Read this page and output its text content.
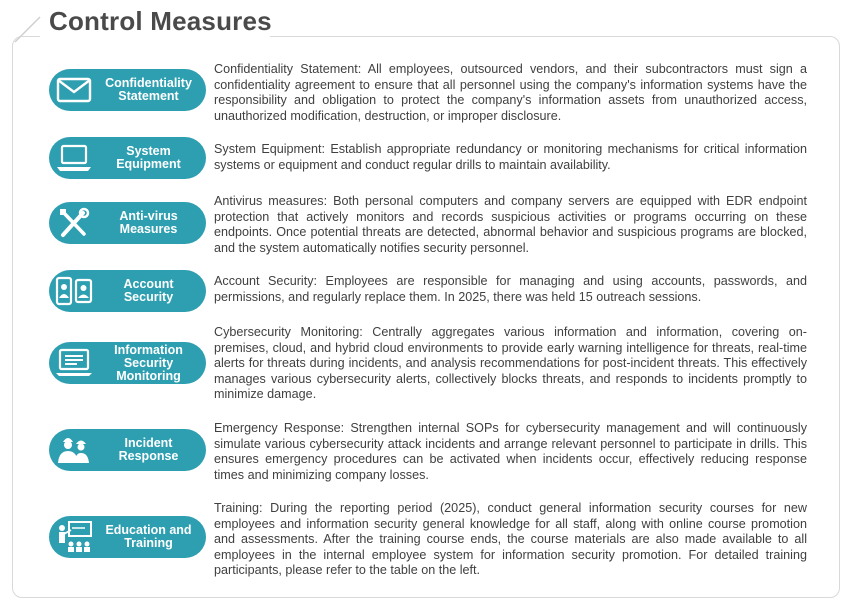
Control Measures
Confidentiality Statement

Confidentiality Statement: All employees, outsourced vendors, and their subcontractors must sign a confidentiality agreement to ensure that all personnel using the company's information systems have the responsibility and obligation to protect the company's information assets from unauthorized access, unauthorized modification, destruction, or improper disclosure.

System Equipment

System Equipment: Establish appropriate redundancy or monitoring mechanisms for critical information systems or equipment and conduct regular drills to maintain availability.

Anti-virus Measures

Antivirus measures: Both personal computers and company servers are equipped with EDR endpoint protection that actively monitors and records suspicious activities or programs occurring on these endpoints. Once potential threats are detected, abnormal behavior and suspicious programs are blocked, and the system automatically notifies security personnel.

Account Security

Account Security: Employees are responsible for managing and using accounts, passwords, and permissions, and regularly replace them. In 2025, there was held 15 outreach sessions.

Information Security Monitoring

Cybersecurity Monitoring: Centrally aggregates various information and information, covering on-premises, cloud, and hybrid cloud environments to provide early warning intelligence for threats, real-time alerts for threats during incidents, and analysis recommendations for post-incident threats. This effectively manages various cybersecurity alerts, collectively blocks threats, and responds to incidents promptly to minimize damage.

Incident Response

Emergency Response: Strengthen internal SOPs for cybersecurity management and will continuously simulate various cybersecurity attack incidents and arrange relevant personnel to participate in drills. This ensures emergency procedures can be activated when incidents occur, effectively reducing response times and minimizing company losses.

Education and Training

Training: During the reporting period (2025), conduct general information security courses for new employees and information security general knowledge for all staff, along with online course promotion and assessments. After the training course ends, the course materials are also made available to all employees in the internal employee system for information security promotion. For detailed training participants, please refer to the table on the left.
